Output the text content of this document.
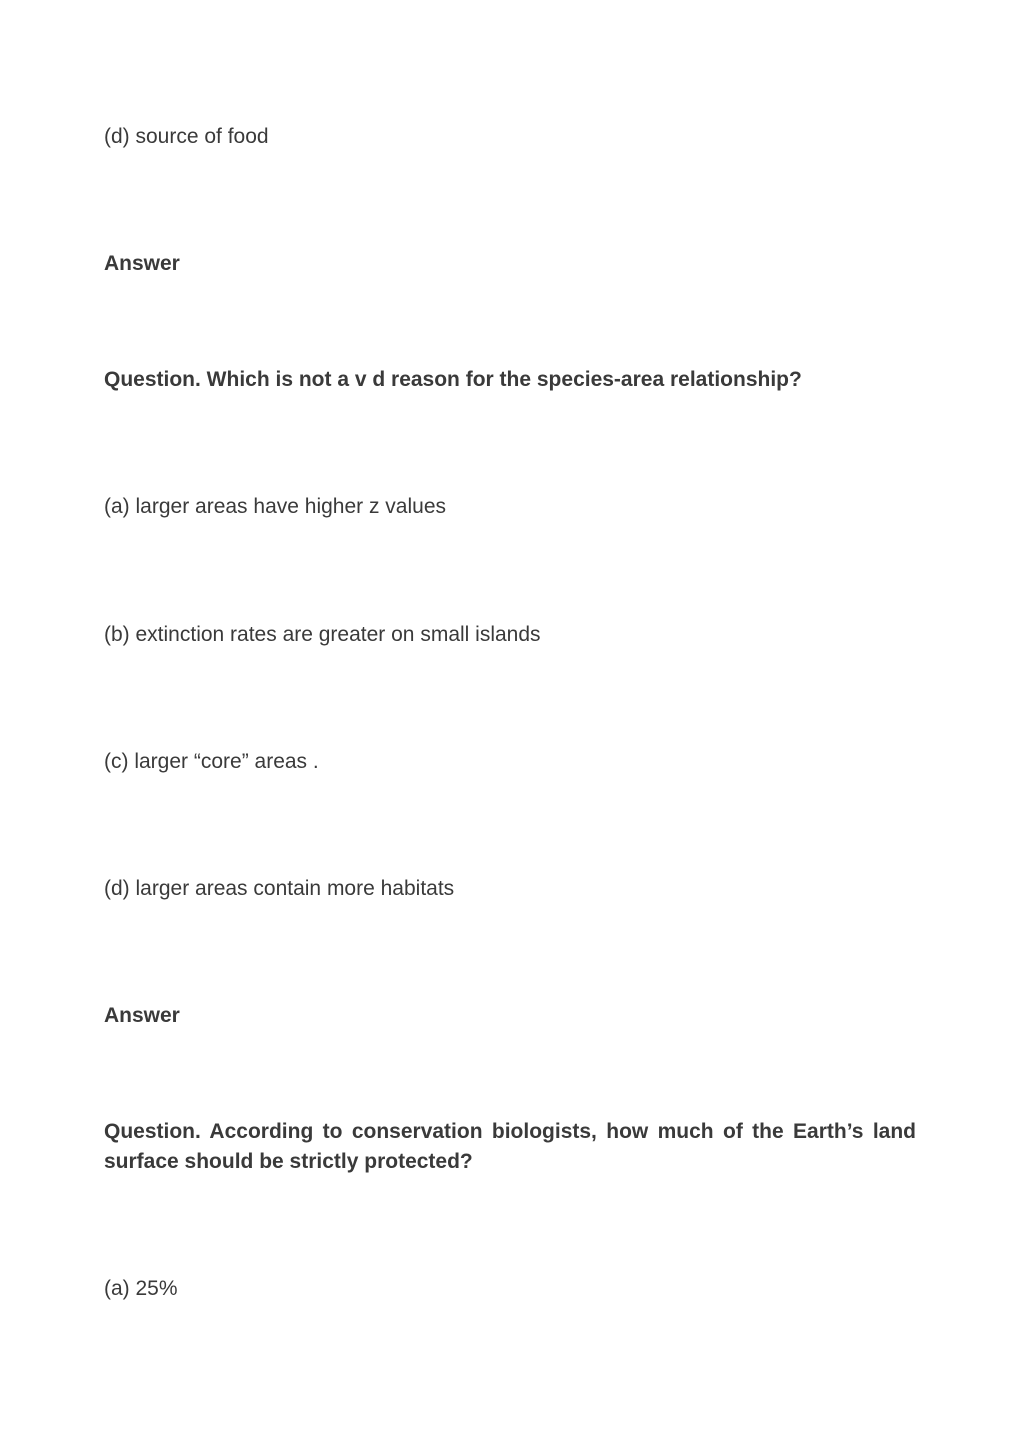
(d) source of food

Answer

Question. Which is not a v d reason for the species-area relationship?

(a) larger areas have higher z values

(b) extinction rates are greater on small islands

(c) larger “core” areas .

(d) larger areas contain more habitats

Answer

Question. According to conservation biologists, how much of the Earth’s land surface should be strictly protected?

(a) 25%
